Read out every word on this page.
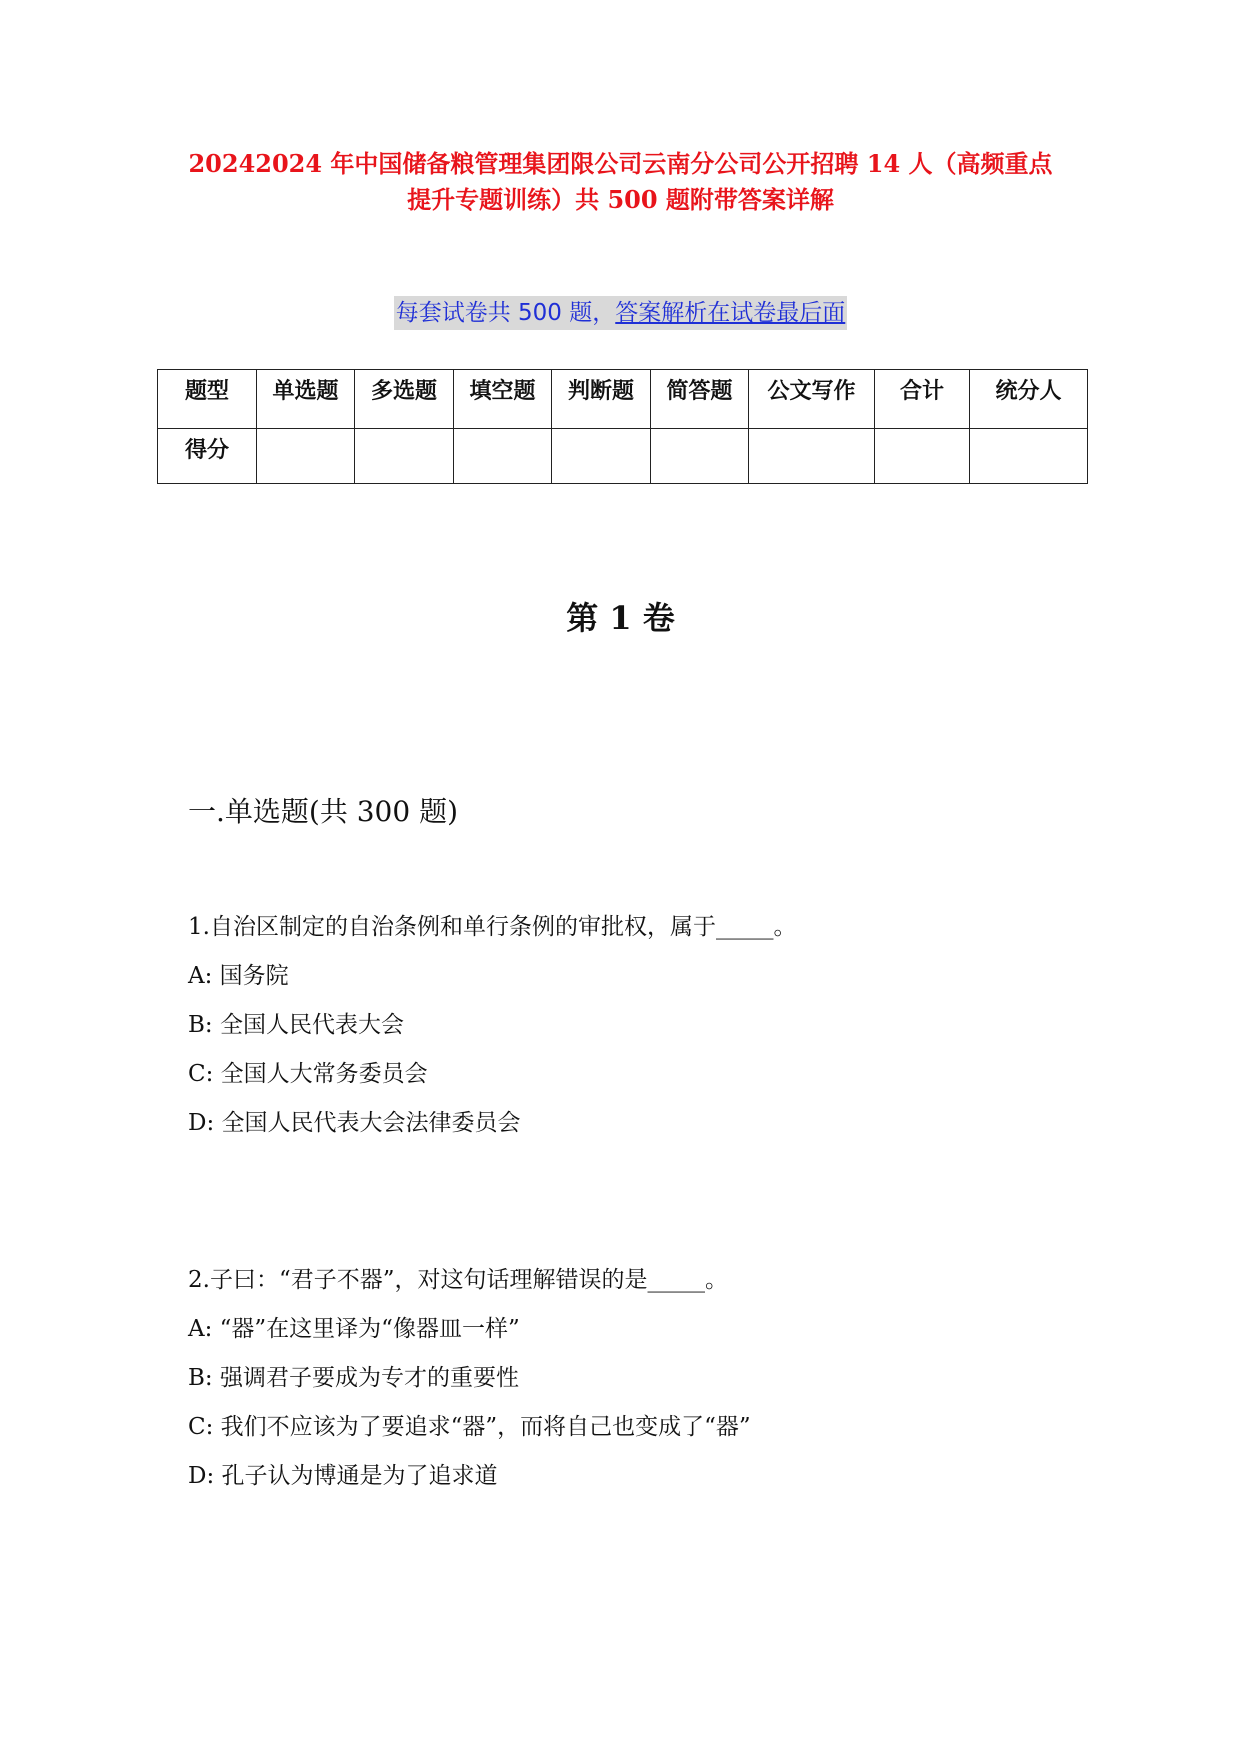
20242024 年中国储备粮管理集团限公司云南分公司公开招聘 14 人（高频重点
提升专题训练）共 500 题附带答案详解
每套试卷共 500 题，答案解析在试卷最后面
题型	单选题	多选题	填空题	判断题	简答题	公文写作	合计	统分人
得分								
第 1 卷
一.单选题(共 300 题)
1.自治区制定的自治条例和单行条例的审批权，属于_____。
A: 国务院
B: 全国人民代表大会
C: 全国人大常务委员会
D: 全国人民代表大会法律委员会
2.子曰：“君子不器”，对这句话理解错误的是_____。
A: “器”在这里译为“像器皿一样”
B: 强调君子要成为专才的重要性
C: 我们不应该为了要追求“器”，而将自己也变成了“器”
D: 孔子认为博通是为了追求道
